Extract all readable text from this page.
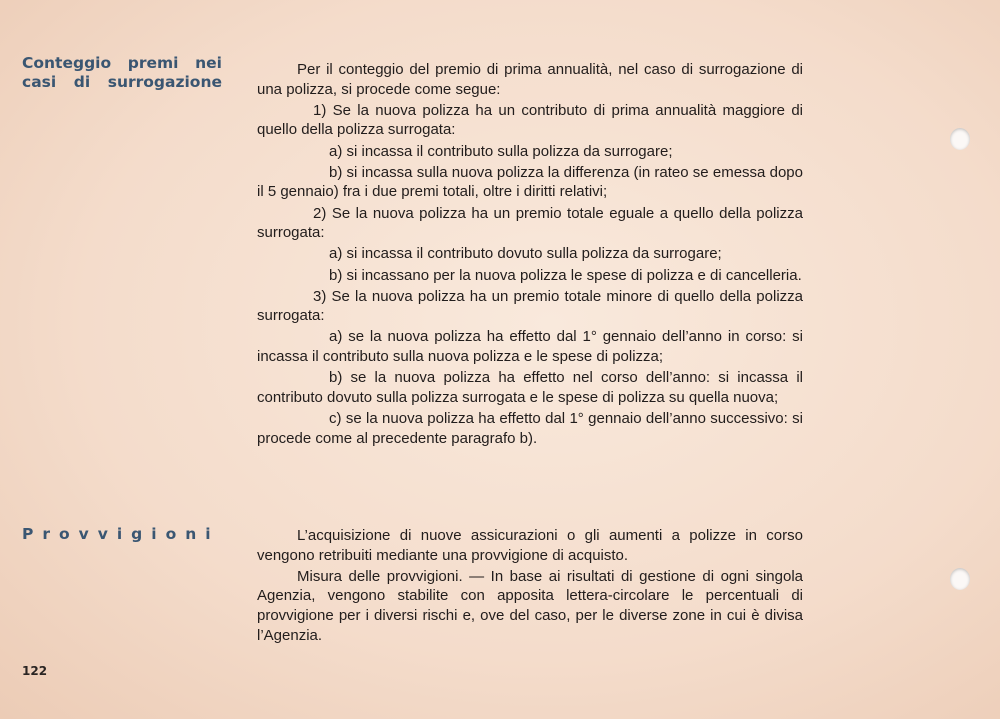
Conteggio premi nei
casi di surrogazione

Per il conteggio del premio di prima annualità, nel caso di surrogazione di una polizza, si procede come segue:

1) Se la nuova polizza ha un contributo di prima annualità maggiore di quello della polizza surrogata:

a) si incassa il contributo sulla polizza da surrogare;

b) si incassa sulla nuova polizza la differenza (in rateo se emessa dopo il 5 gennaio) fra i due premi totali, oltre i diritti relativi;

2) Se la nuova polizza ha un premio totale eguale a quello della polizza surrogata:

a) si incassa il contributo dovuto sulla polizza da surrogare;

b) si incassano per la nuova polizza le spese di polizza e di cancelleria.

3) Se la nuova polizza ha un premio totale minore di quello della polizza surrogata:

a) se la nuova polizza ha effetto dal 1° gennaio dell’anno in corso: si incassa il contributo sulla nuova polizza e le spese di polizza;

b) se la nuova polizza ha effetto nel corso dell’anno: si incassa il contributo dovuto sulla polizza surrogata e le spese di polizza su quella nuova;

c) se la nuova polizza ha effetto dal 1° gennaio dell’anno successivo: si procede come al precedente paragrafo b).

Provvigioni	L’acquisizione di nuove assicurazioni o gli aumenti a polizze in corso vengono retribuiti mediante una provvigione di acquisto.

Misura delle provvigioni. — In base ai risultati di gestione di ogni singola Agenzia, vengono stabilite con apposita lettera-circolare le percentuali di provvigione per i diversi rischi e, ove del caso, per le diverse zone in cui è divisa l’Agenzia.

122
